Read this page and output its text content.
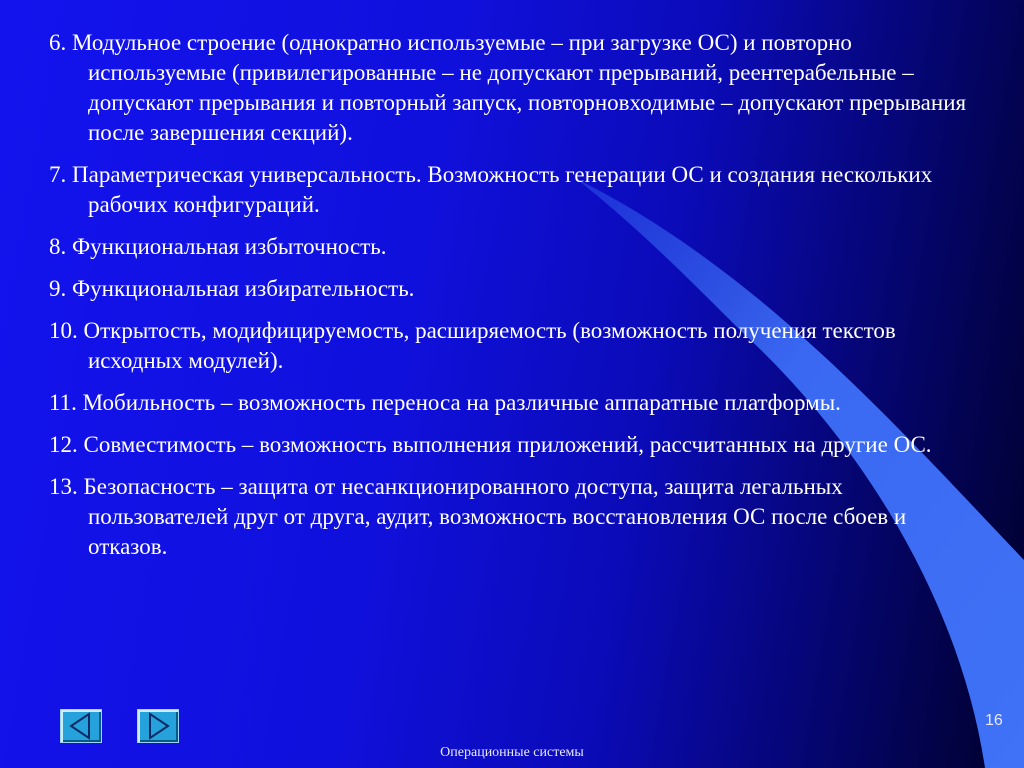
6. Модульное строение (однократно используемые – при загрузке ОС) и повторно используемые (привилегированные – не допускают прерываний, реентерабельные – допускают прерывания и повторный запуск, повторновходимые – допускают прерывания после завершения секций).

7. Параметрическая универсальность. Возможность генерации ОС и создания нескольких рабочих конфигураций.

8. Функциональная избыточность.

9. Функциональная избирательность.

10. Открытость, модифицируемость, расширяемость (возможность получения текстов исходных модулей).

11. Мобильность – возможность переноса на различные аппаратные платформы.

12. Совместимость – возможность выполнения приложений, рассчитанных на другие ОС.

13. Безопасность – защита от несанкционированного доступа, защита легальных пользователей друг от друга, аудит, возможность восстановления ОС после сбоев и отказов.

16
Операционные системы
